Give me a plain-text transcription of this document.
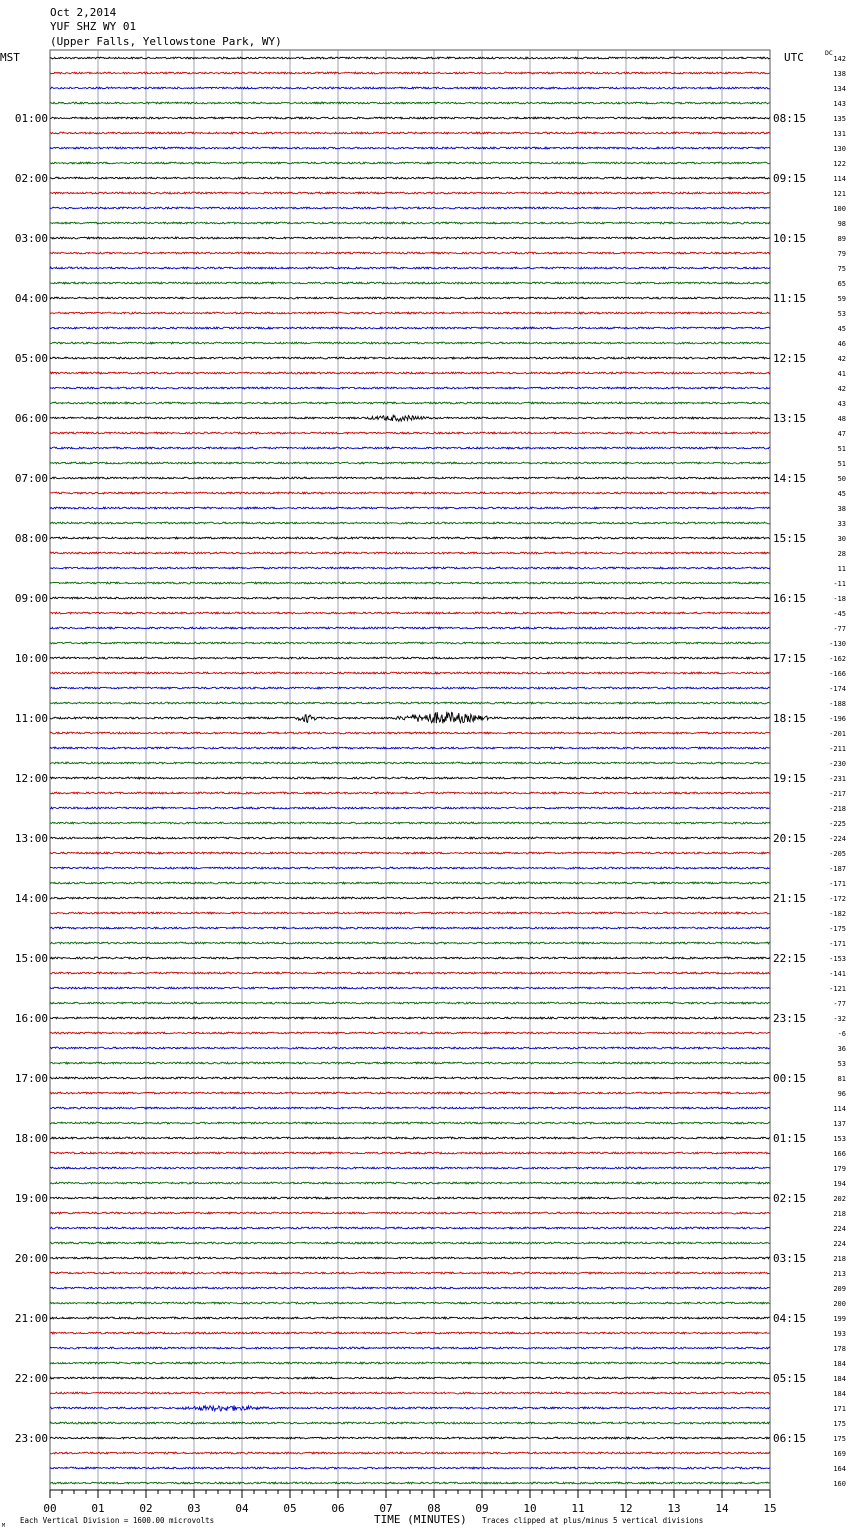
Oct 2,2014
YUF SHZ WY 01
(Upper Falls, Yellowstone Park, WY)
MST	UTC	DC
01:00
02:00
03:00
04:00
05:00
06:00
07:00
08:00
09:00
10:00
11:00
12:00
13:00
14:00
15:00
16:00
17:00
18:00
19:00
20:00
21:00
22:00
23:00
08:15
09:15
10:15
11:15
12:15
13:15
14:15
15:15
16:15
17:15
18:15
19:15
20:15
21:15
22:15
23:15
00:15
01:15
02:15
03:15
04:15
05:15
06:15
142
138
134
143
135
131
130
122
114
121
100
98
89
79
75
65
59
53
45
46
42
41
42
43
48
47
51
51
50
45
38
33
30
28
11
-11
-18
-45
-77
-130
-162
-166
-174
-188
-196
-201
-211
-230
-231
-217
-218
-225
-224
-205
-187
-171
-172
-182
-175
-171
-153
-141
-121
-77
-32
-6
36
53
81
96
114
137
153
166
179
194
202
218
224
224
218
213
209
200
199
193
178
184
184
184
171
175
175
169
164
160
00	01	02	03	04	05	06	07	08	09	10	11	12	13	14	15
TIME (MINUTES)
Each Vertical Division = 1600.00 microvolts	Traces clipped at plus/minus 5 vertical divisions
M
